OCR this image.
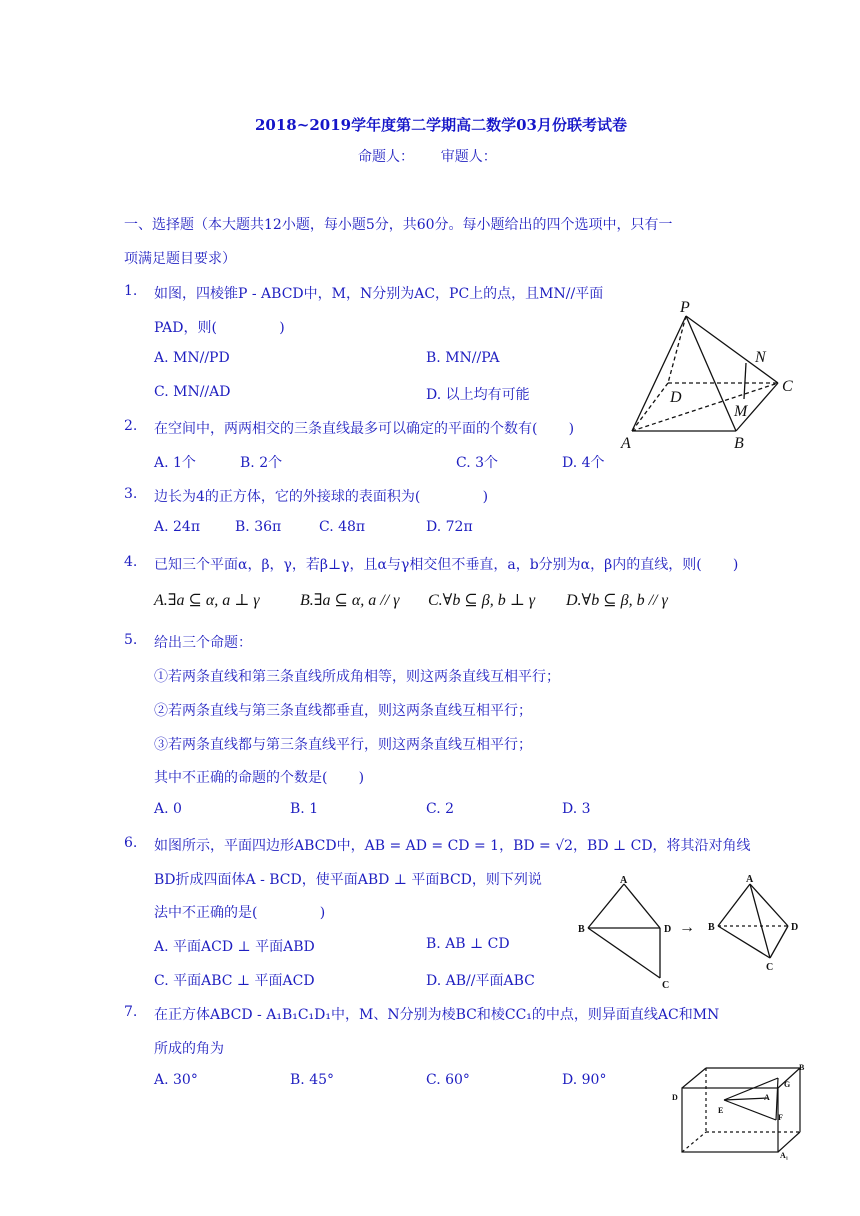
2018~2019学年度第二学期高二数学03月份联考试卷
命题人：      审题人：
一、选择题（本大题共12小题，每小题5分，共60分。每小题给出的四个选项中，只有一
项满足题目要求）
1. 如图，四棱锥P - ABCD中，M，N分别为AC，PC上的点，且MN//平面
PAD，则(              )
A. MN//PD	B. MN//PA
C. MN//AD	D. 以上均有可能
P
N
C
D
M
A	B
2. 在空间中，两两相交的三条直线最多可以确定的平面的个数有(       )
A. 1个	B. 2个	C. 3个	D. 4个
3. 边长为4的正方体，它的外接球的表面积为(              )
A. 24π B. 36π	C. 48π	D. 72π
4. 已知三个平面α，β，γ，若β⊥γ，且α与γ相交但不垂直，a，b分别为α，β内的直线，则(       )
A.∃a ⊆ α, a ⊥ γ	B.∃a ⊆ α, a // γ C.∀b ⊆ β, b ⊥ γ D.∀b ⊆ β, b // γ
5. 给出三个命题：
①若两条直线和第三条直线所成角相等，则这两条直线互相平行；
②若两条直线与第三条直线都垂直，则这两条直线互相平行；
③若两条直线都与第三条直线平行，则这两条直线互相平行；
其中不正确的命题的个数是(       )
A. 0	B. 1	C. 2	D. 3
6. 如图所示，平面四边形ABCD中，AB = AD = CD = 1，BD = √2，BD ⊥ CD，将其沿对角线
BD折成四面体A - BCD，使平面ABD ⊥ 平面BCD，则下列说
法中不正确的是(              )
A. 平面ACD ⊥ 平面ABD	B. AB ⊥ CD
C. 平面ABC ⊥ 平面ACD	D. AB//平面ABC
A
B	D
C
→
A
B	D
C
7. 在正方体ABCD - A₁B₁C₁D₁中，M、N分别为棱BC和棱CC₁的中点，则异面直线AC和MN
所成的角为
A. 30°	B. 45°	C. 60°	D. 90°
B
G
D
E
A
F
A₁
